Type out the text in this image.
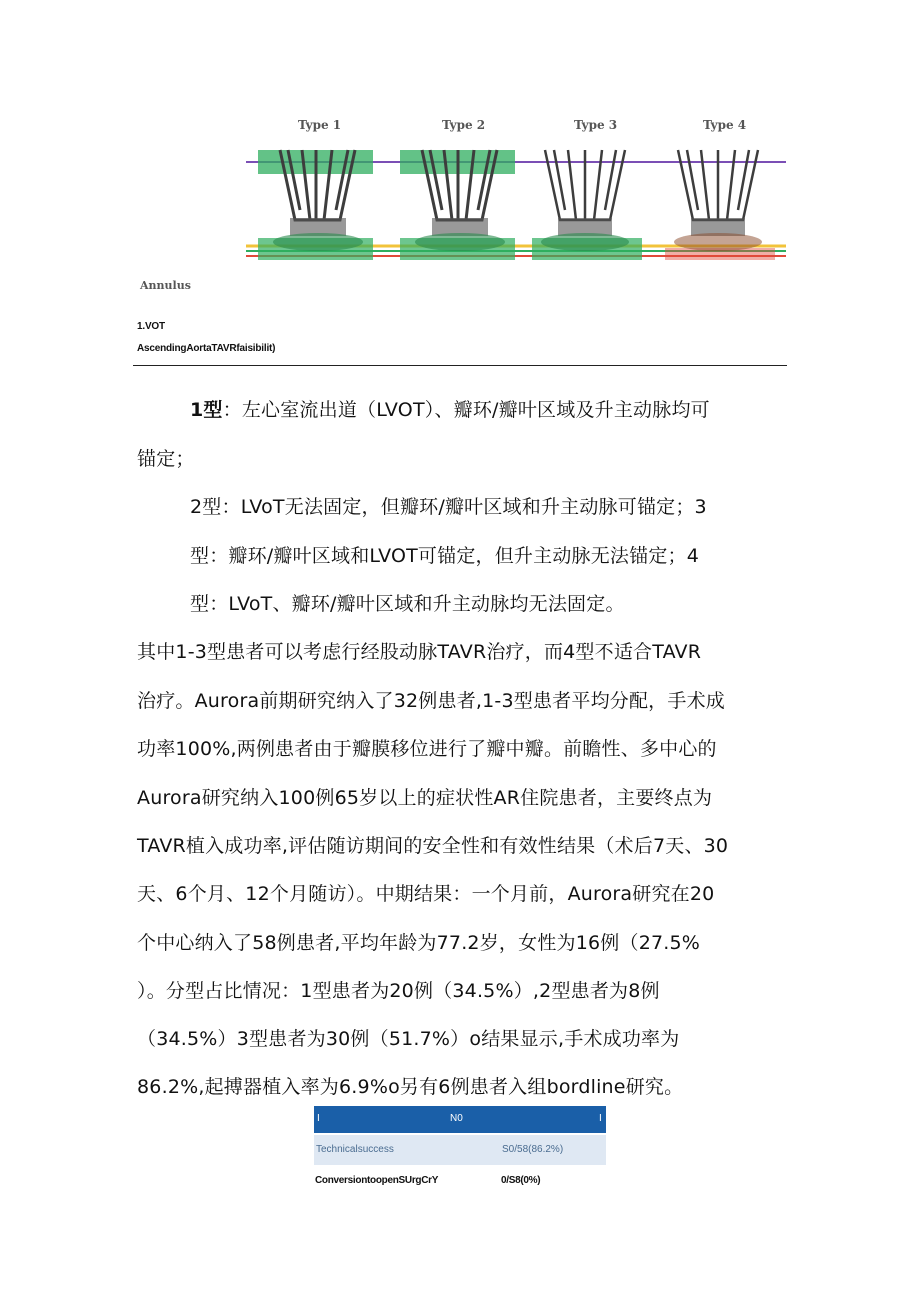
Type 1	Type 2	Type 3	Type 4
Annulus
1.VOT
AscendingAortaTAVRfaisibilit)
1型：左心室流出道（LVOT）、瓣环/瓣叶区域及升主动脉均可
锚定；
2型：LVoT无法固定，但瓣环/瓣叶区域和升主动脉可锚定；3
型：瓣环/瓣叶区域和LVOT可锚定，但升主动脉无法锚定；4
型：LVoT、瓣环/瓣叶区域和升主动脉均无法固定。
其中1-3型患者可以考虑行经股动脉TAVR治疗，而4型不适合TAVR
治疗。Aurora前期研究纳入了32例患者,1-3型患者平均分配，手术成
功率100%,两例患者由于瓣膜移位进行了瓣中瓣。前瞻性、多中心的
Aurora研究纳入100例65岁以上的症状性AR住院患者，主要终点为
TAVR植入成功率,评估随访期间的安全性和有效性结果（术后7天、30
天、6个月、12个月随访）。中期结果：一个月前，Aurora研究在20
个中心纳入了58例患者,平均年龄为77.2岁，女性为16例（27.5%
）。分型占比情况：1型患者为20例（34.5%）,2型患者为8例
（34.5%）3型患者为30例（51.7%）o结果显示,手术成功率为
86.2%,起搏器植入率为6.9%o另有6例患者入组bordline研究。
I	N0	I
Technicalsuccess	S0/58(86.2%)
ConversiontoopenSUrgCrY	0/S8(0%)
